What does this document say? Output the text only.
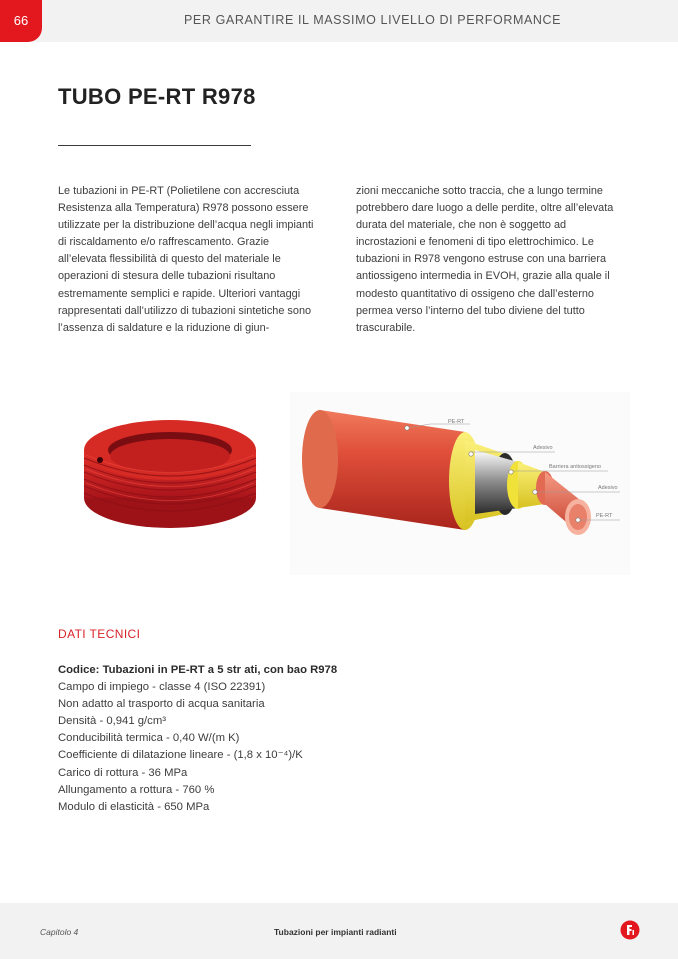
66	PER GARANTIRE IL MASSIMO LIVELLO DI PERFORMANCE
TUBO PE-RT R978

Le tubazioni in PE-RT (Polietilene con accresciuta Resistenza alla Temperatura) R978 possono essere utilizzate per la distribuzione dell’acqua negli impianti di riscaldamento e/o raffrescamento. Grazie all’elevata flessibilità di questo del materiale le operazioni di stesura delle tubazioni risultano estremamente semplici e rapide. Ulteriori vantaggi rappresentati dall’utilizzo di tubazioni sintetiche sono l’assenza di saldature e la riduzione di giun-

zioni meccaniche sotto traccia, che a lungo termine potrebbero dare luogo a delle perdite, oltre all’elevata durata del materiale, che non è soggetto ad incrostazioni e fenomeni di tipo elettrochimico. Le tubazioni in R978 vengono estruse con una barriera antiossigeno intermedia in EVOH, grazie alla quale il modesto quantitativo di ossigeno che dall’esterno permea verso l’interno del tubo diviene del tutto trascurabile.

PE-RT
Adesivo
Barriera antiossigeno
Adesivo
PE-RT
DATI TECNICI
Codice: Tubazioni in PE-RT a 5 str ati, con bao R978
Campo di impiego - classe 4 (ISO 22391)
Non adatto al trasporto di acqua sanitaria
Densità - 0,941 g/cm³
Conducibilità termica - 0,40 W/(m K)
Coefficiente di dilatazione lineare - (1,8 x 10⁻⁴)/K
Carico di rottura - 36 MPa
Allungamento a rottura - 760 %
Modulo di elasticità - 650 MPa
Capitolo 4	Tubazioni per impianti radianti
